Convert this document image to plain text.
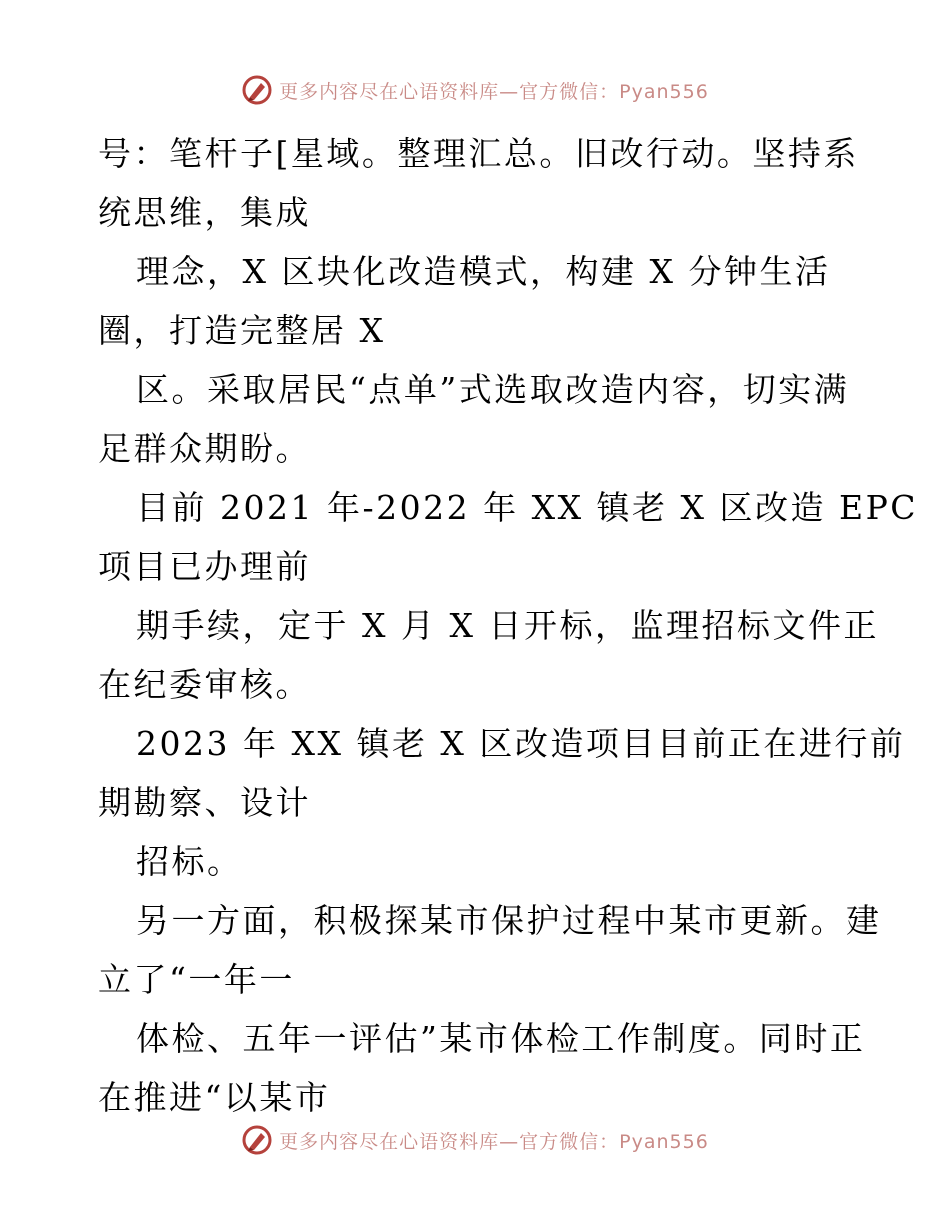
更多内容尽在心语资料库—官方微信：Pyan556
号：笔杆子[星域。整理汇总。旧改行动。坚持系
统思维，集成
理念，X 区块化改造模式，构建 X 分钟生活
圈，打造完整居 X
区。采取居民“点单”式选取改造内容，切实满
足群众期盼。
目前 2021 年-2022 年 XX 镇老 X 区改造 EPC
项目已办理前
期手续，定于 X 月 X 日开标，监理招标文件正
在纪委审核。
2023 年 XX 镇老 X 区改造项目目前正在进行前
期勘察、设计
招标。
另一方面，积极探某市保护过程中某市更新。建
立了“一年一
体检、五年一评估”某市体检工作制度。同时正
在推进“以某市
更多内容尽在心语资料库—官方微信：Pyan556
